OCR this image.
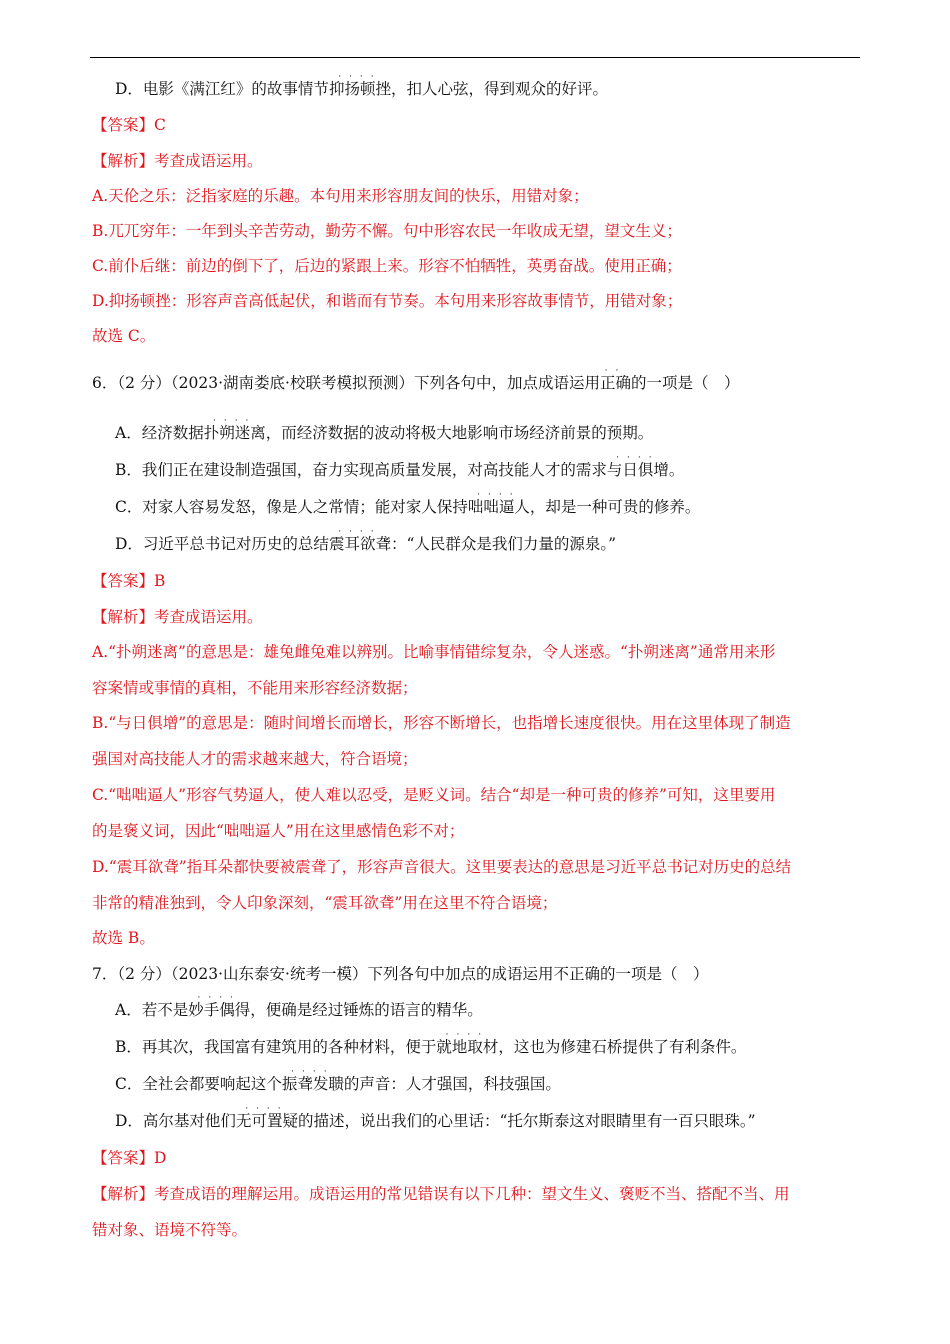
D．电影《满江红》的故事情节抑扬顿挫
····
，扣人心弦，得到观众的好评。
【答案】C
【解析】考查成语运用。
A.天伦之乐：泛指家庭的乐趣。本句用来形容朋友间的快乐，用错对象；
B.兀兀穷年：一年到头辛苦劳动，勤劳不懈。句中形容农民一年收成无望，望文生义；
C.前仆后继：前边的倒下了，后边的紧跟上来。形容不怕牺牲，英勇奋战。使用正确；
D.抑扬顿挫：形容声音高低起伏，和谐而有节奏。本句用来形容故事情节，用错对象；
故选 C。
6．（2 分）（2023·湖南娄底·校联考模拟预测）下列各句中，加点成语运用正确
··
的一项是（　）
A．经济数据扑朔迷离
····
，而经济数据的波动将极大地影响市场经济前景的预期。
B．我们正在建设制造强国，奋力实现高质量发展，对高技能人才的需求与日俱增
····
。
C．对家人容易发怒，像是人之常情；能对家人保持咄咄逼人
····
，却是一种可贵的修养。
D．习近平总书记对历史的总结震耳欲聋
····
：“人民群众是我们力量的源泉。”
【答案】B
【解析】考查成语运用。
A.“扑朔迷离”的意思是：雄兔雌兔难以辨别。比喻事情错综复杂，令人迷惑。“扑朔迷离”通常用来形
容案情或事情的真相，不能用来形容经济数据；
B.“与日俱增”的意思是：随时间增长而增长，形容不断增长，也指增长速度很快。用在这里体现了制造
强国对高技能人才的需求越来越大，符合语境；
C.“咄咄逼人”形容气势逼人，使人难以忍受，是贬义词。结合“却是一种可贵的修养”可知，这里要用
的是褒义词，因此“咄咄逼人”用在这里感情色彩不对；
D.“震耳欲聋”指耳朵都快要被震聋了，形容声音很大。这里要表达的意思是习近平总书记对历史的总结
非常的精准独到，令人印象深刻，“震耳欲聋”用在这里不符合语境；
故选 B。
7．（2 分）（2023·山东泰安·统考一模）下列各句中加点的成语运用不正确的一项是（　）
A．若不是妙手偶得
····
，便确是经过锤炼的语言的精华。
B．再其次，我国富有建筑用的各种材料，便于就地取材
····
，这也为修建石桥提供了有利条件。
C．全社会都要响起这个振聋发聩
····
的声音：人才强国，科技强国。
D．高尔基对他们无可置疑
····
的描述，说出我们的心里话：“托尔斯泰这对眼睛里有一百只眼珠。”
【答案】D
【解析】考查成语的理解运用。成语运用的常见错误有以下几种：望文生义、褒贬不当、搭配不当、用
错对象、语境不符等。
